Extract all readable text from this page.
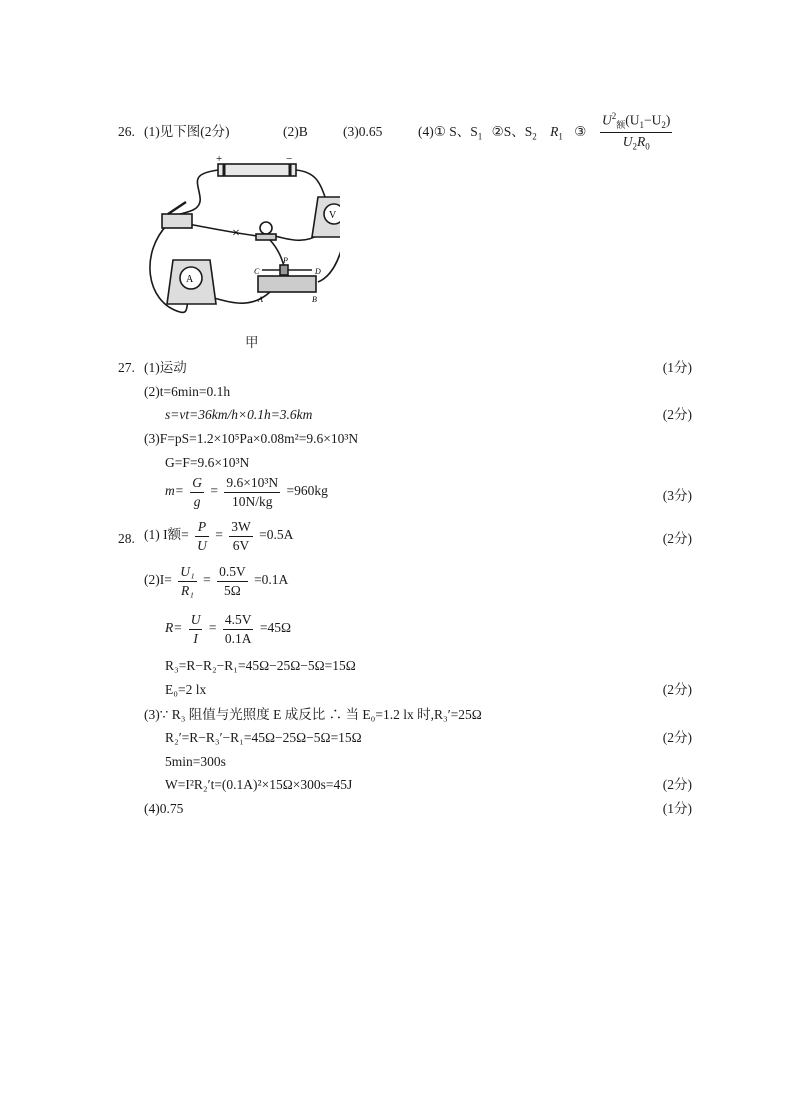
26. (1)见下图(2分)	(2)B	(3)0.65	(4)① S、$S_1$ ②S、$S_2$ $R_1$ ③ $\frac{U^2_额(U_1-U_2)}{U_2R_0}$
+	−
×
V
A
C
P
D
A	B
甲
27. (1)运动	(1分)
s=vt=36km/h×0.1h=3.6km
(2)t=6min=0.1h
(2分)
(3)F=pS=1.2×10⁵Pa×0.08m²=9.6×10³N
G=F=9.6×10³N
$m= \frac{G}{g} = \frac{\text{9.6×10³N}}{10N/kg} =960kg$	(3分)
28. (1) I额= $\frac{P}{U} = \frac{3W}{6V} =0.5A$	(2分)
$(2)I= \frac{\text{U₁}}{\text{R₁}} = \frac{0.5V}{5\Omega} =0.1A$
$R= \frac{U}{I} = \frac{4.5V}{0.1A} =45\Omega$
R₃=R−R₂−R₁=45Ω−25Ω−5Ω=15Ω
E₀=2 lx	(2分)
(3)∵ R₃ 阻值与光照度 E 成反比 ∴ 当 E₀=1.2 lx 时,R₃′=25Ω
R₂′=R−R₃′−R₁=45Ω−25Ω−5Ω=15Ω	(2分)
5min=300s
W=I²R₂′t=(0.1A)²×15Ω×300s=45J	(2分)
(4)0.75	(1分)
